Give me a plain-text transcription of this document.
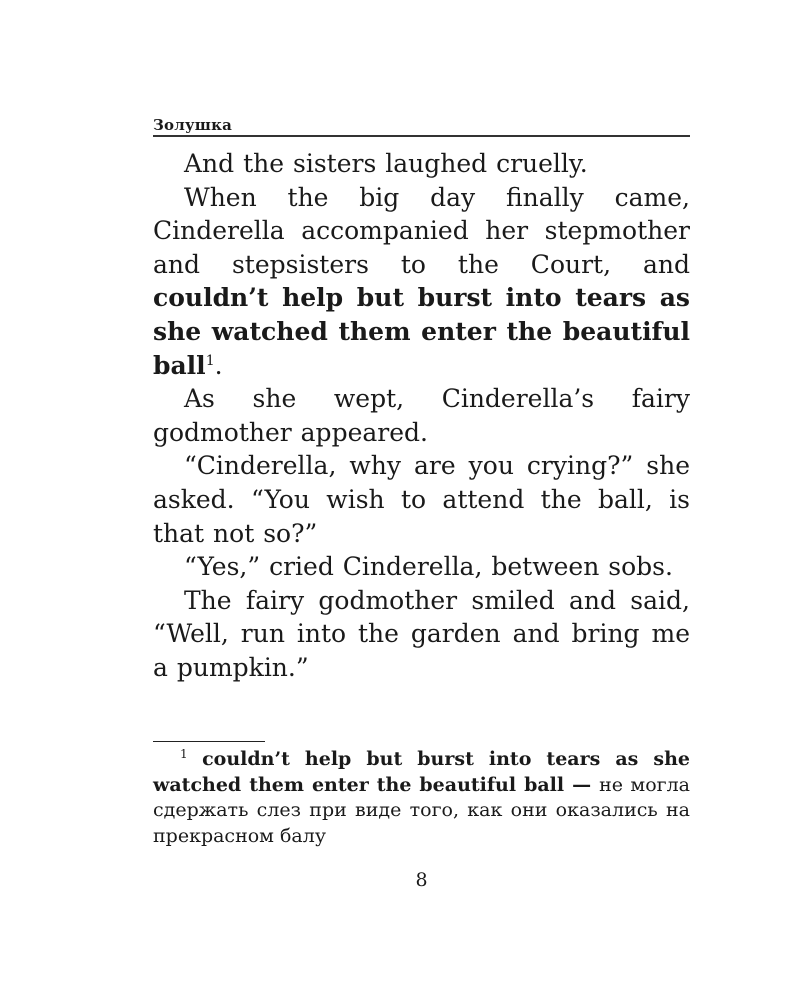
Золушка

And the sisters laughed cruelly.

When the big day finally came, Cinderella accompanied her stepmother and stepsisters to the Court, and couldn’t help but burst into tears as she watched them enter the beautiful ball$^1$.

As she wept, Cinderella’s fairy godmother appeared.

“Cinderella, why are you crying?” she asked. “You wish to attend the ball, is that not so?”

“Yes,” cried Cinderella, between sobs.

The fairy godmother smiled and said, “Well, run into the garden and bring me a pumpkin.”

$^1$ couldn’t help but burst into tears as she watched them enter the beautiful ball — не могла сдержать слез при виде того, как они оказались на прекрасном балу

8
